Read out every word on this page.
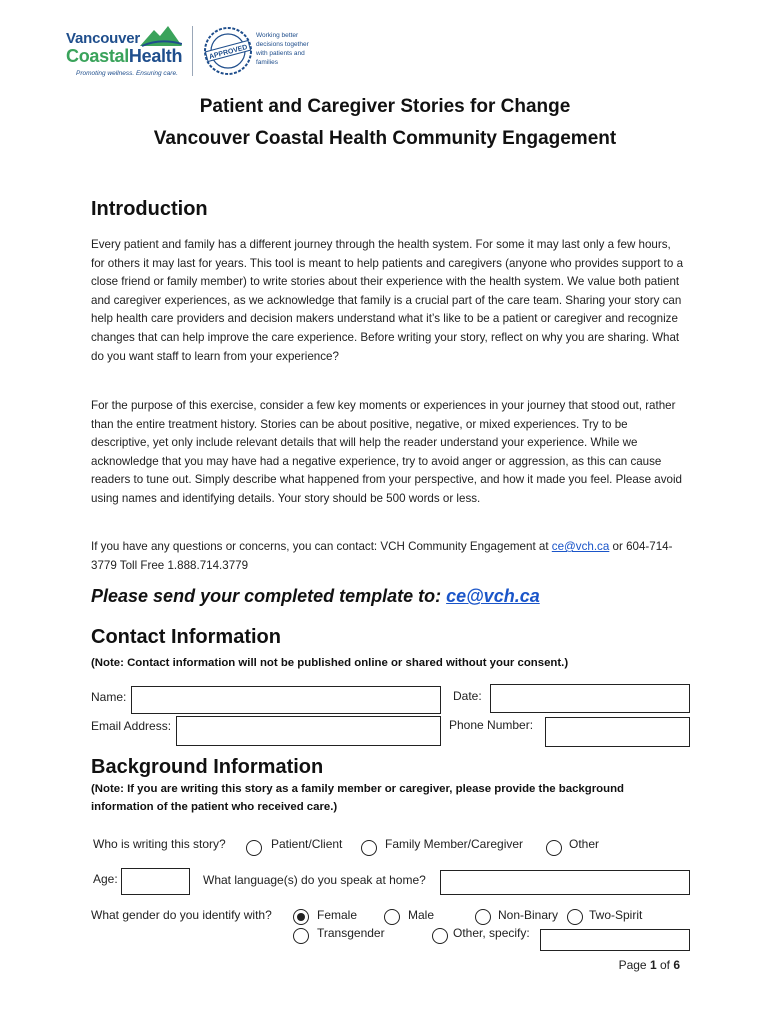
Vancouver
CoastalHealth
Promoting wellness. Ensuring care.
APPROVED
Working better decisions together with patients and families
Patient and Caregiver Stories for Change
Vancouver Coastal Health Community Engagement
Introduction
Every patient and family has a different journey through the health system. For some it may last only a few hours, for others it may last for years. This tool is meant to help patients and caregivers (anyone who provides support to a close friend or family member) to write stories about their experience with the health system. We value both patient and caregiver experiences, as we acknowledge that family is a crucial part of the care team. Sharing your story can help health care providers and decision makers understand what it’s like to be a patient or caregiver and recognize changes that can help improve the care experience. Before writing your story, reflect on why you are sharing. What do you want staff to learn from your experience?
For the purpose of this exercise, consider a few key moments or experiences in your journey that stood out, rather than the entire treatment history. Stories can be about positive, negative, or mixed experiences. Try to be descriptive, yet only include relevant details that will help the reader understand your experience. While we acknowledge that you may have had a negative experience, try to avoid anger or aggression, as this can cause readers to tune out. Simply describe what happened from your perspective, and how it made you feel. Please avoid using names and identifying details. Your story should be 500 words or less.
If you have any questions or concerns, you can contact: VCH Community Engagement at ce@vch.ca or 604-714-3779 Toll Free 1.888.714.3779
Please send your completed template to: ce@vch.ca
Contact Information
(Note: Contact information will not be published online or shared without your consent.)
Name:	Date:
Email Address:	Phone Number:
Background Information
(Note: If you are writing this story as a family member or caregiver, please provide the background information of the patient who received care.)
Who is writing this story?	Patient/Client	Family Member/Caregiver	Other
Age:	What language(s) do you speak at home?
What gender do you identify with?	Female	Male	Non-Binary	Two-Spirit
Transgender	Other, specify:
Page 1 of 6
